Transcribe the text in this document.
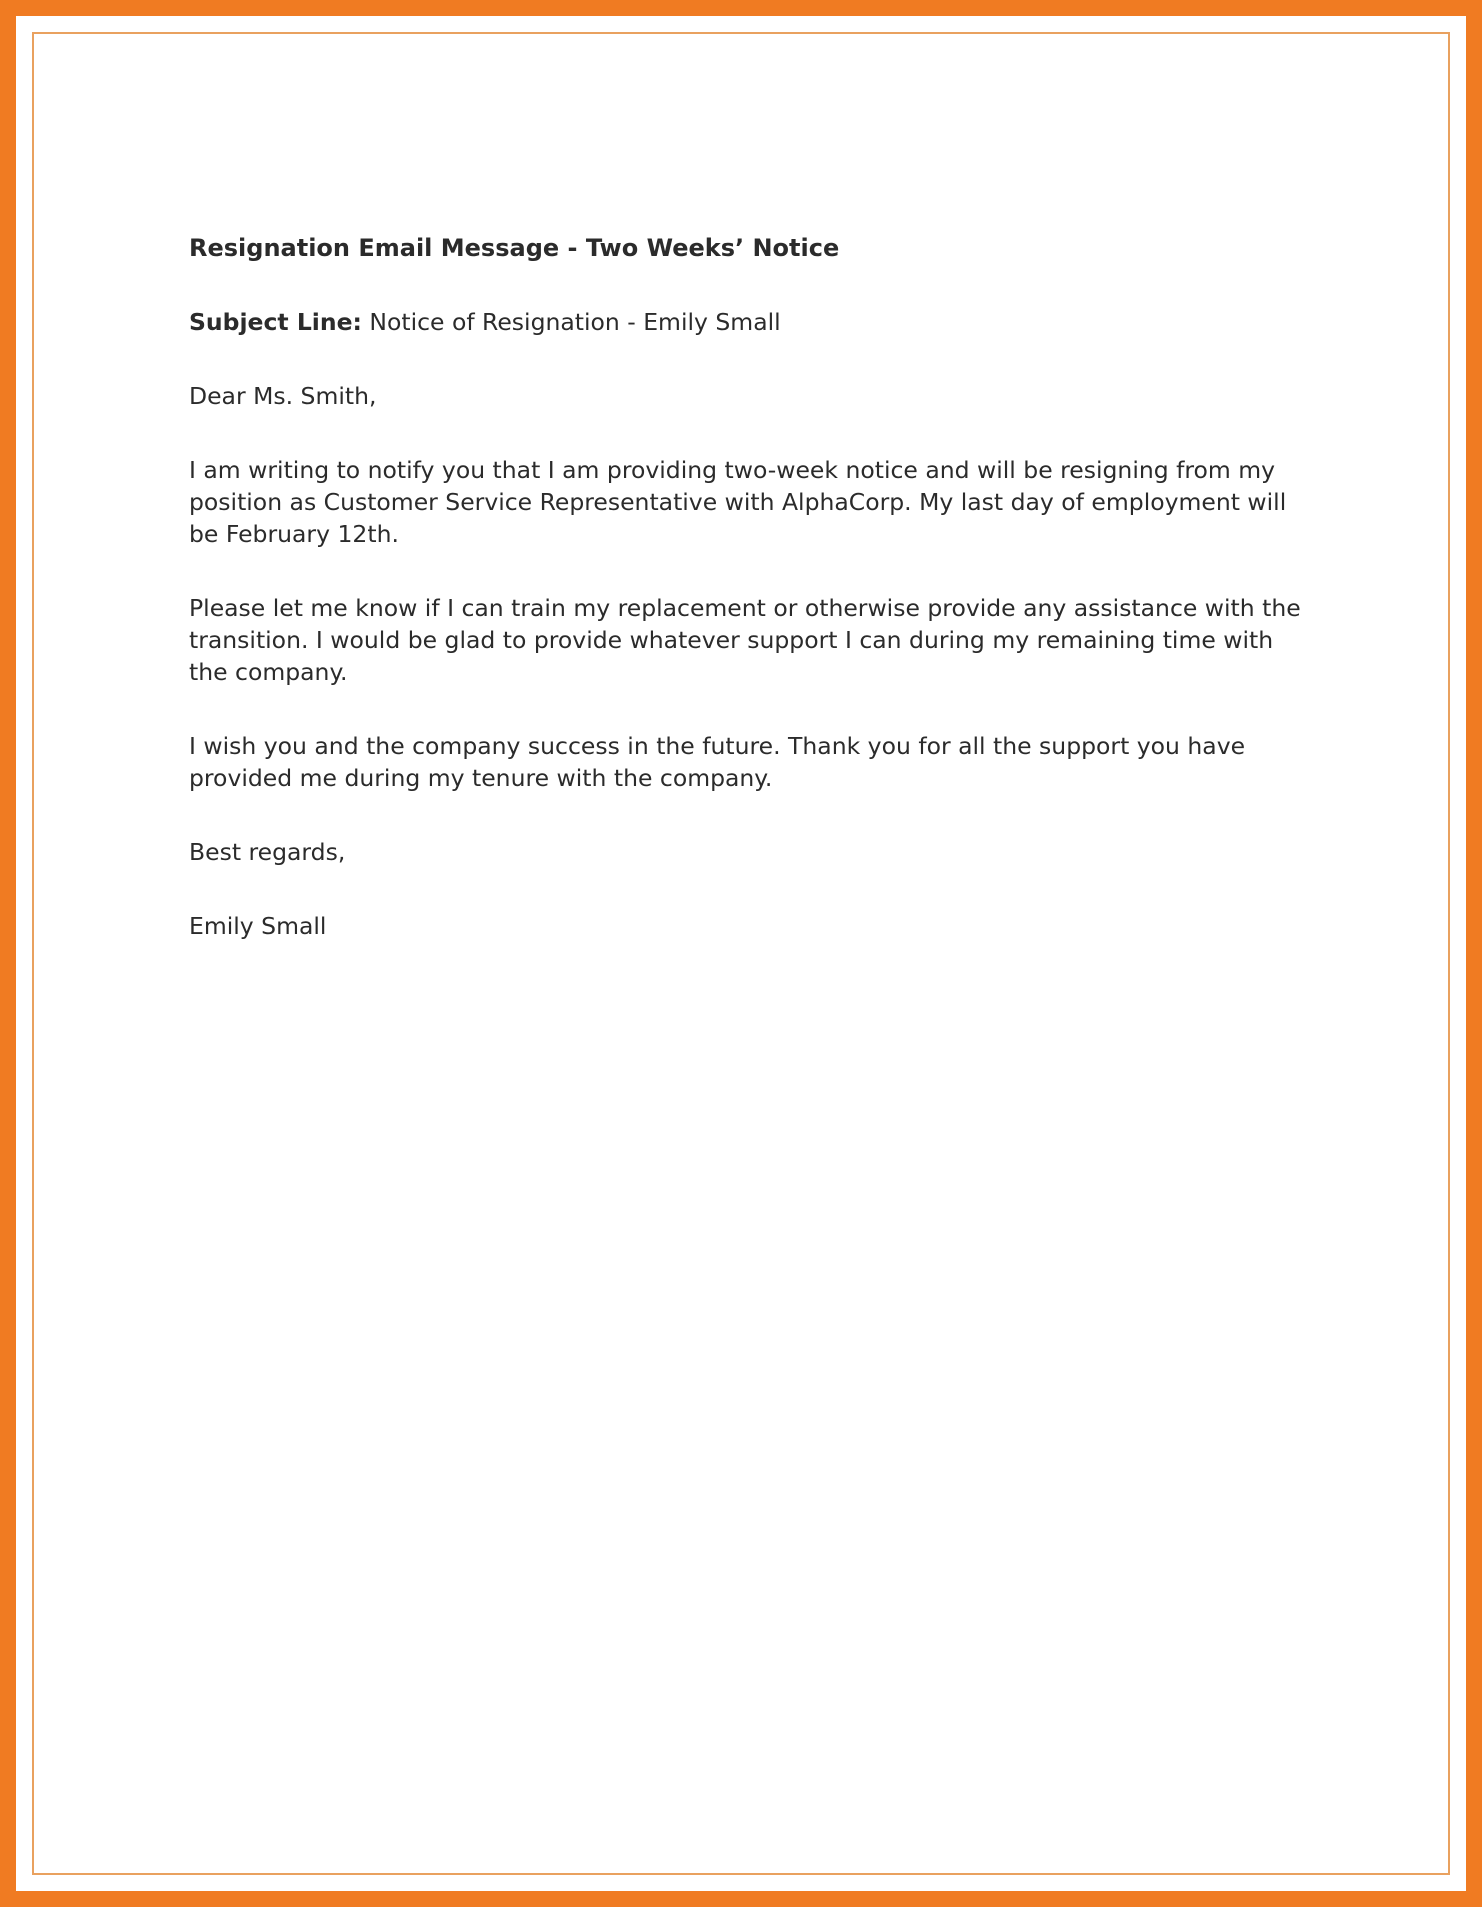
Resignation Email Message - Two Weeks’ Notice

Subject Line: Notice of Resignation - Emily Small

Dear Ms. Smith,

I am writing to notify you that I am providing two-week notice and will be resigning from my position as Customer Service Representative with AlphaCorp. My last day of employment will be February 12th.

Please let me know if I can train my replacement or otherwise provide any assistance with the transition. I would be glad to provide whatever support I can during my remaining time with the company.

I wish you and the company success in the future. Thank you for all the support you have provided me during my tenure with the company.

Best regards,

Emily Small
